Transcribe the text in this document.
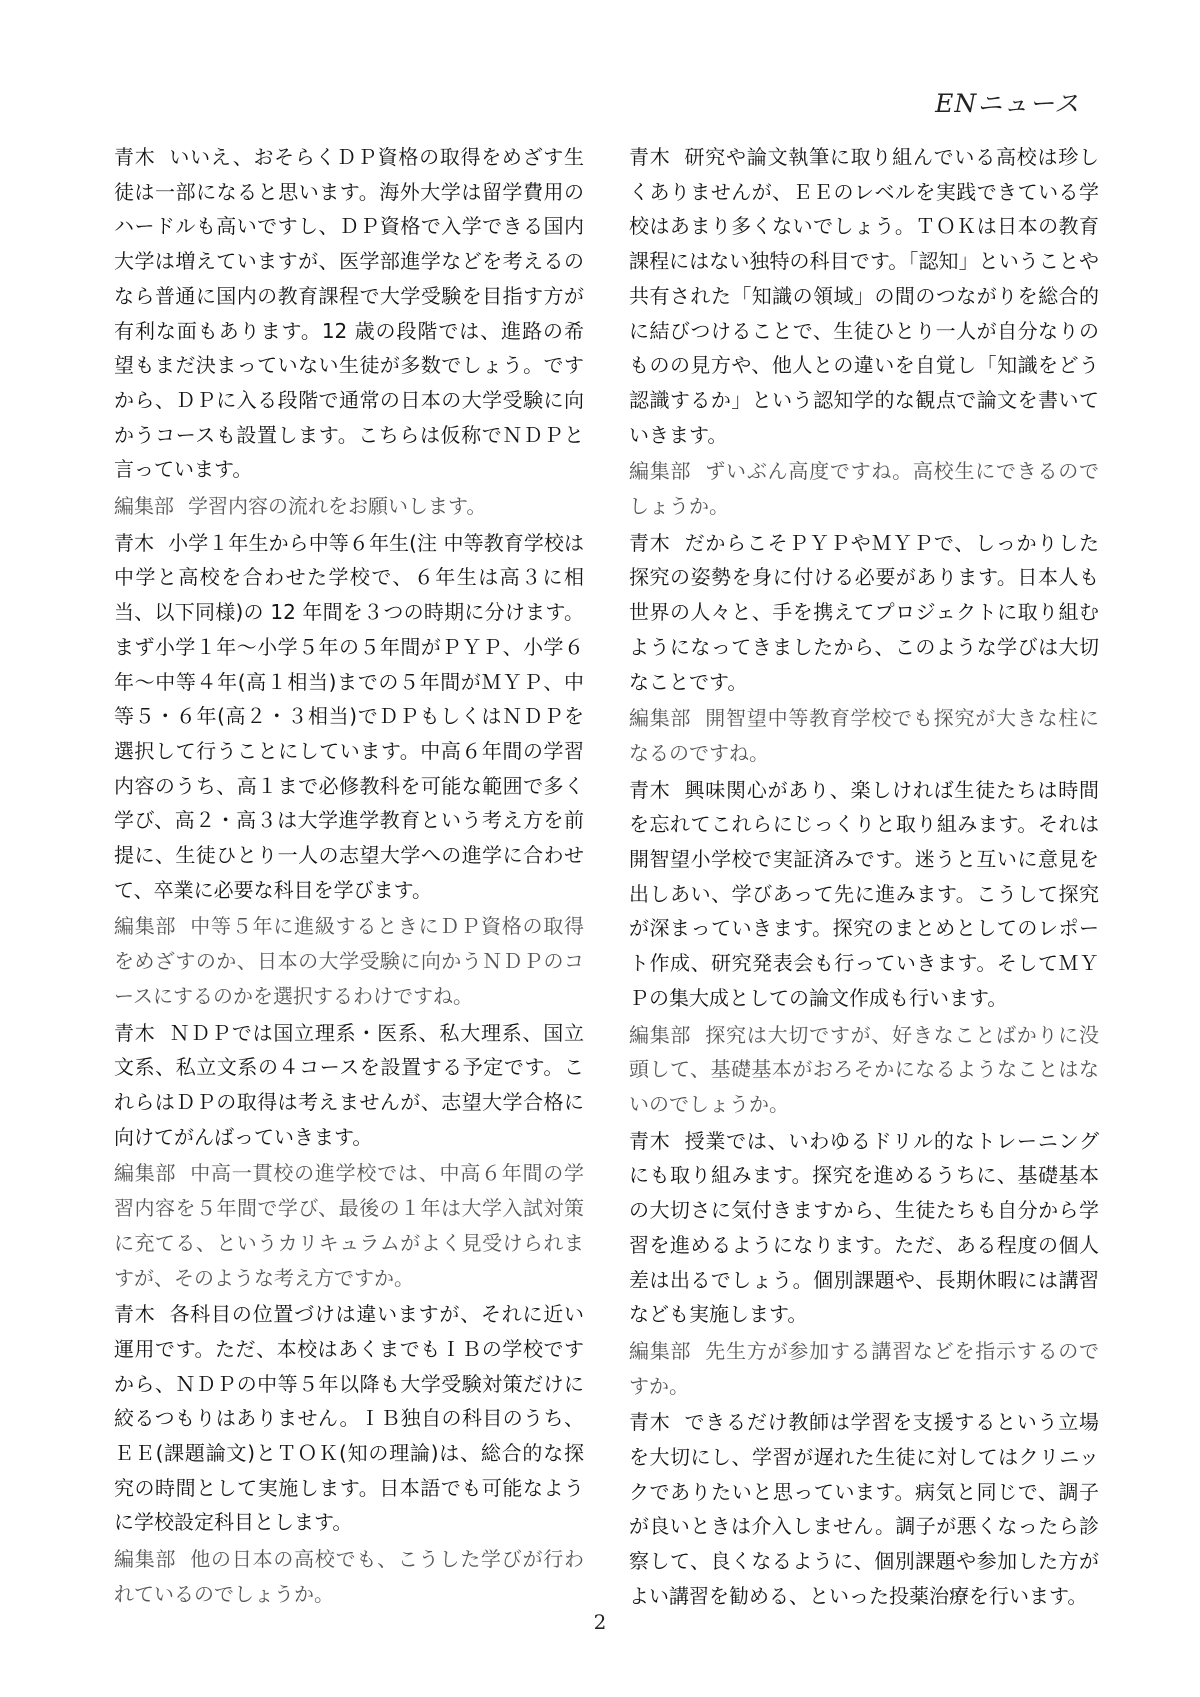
ENニュース

青木 いいえ、おそらくＤＰ資格の取得をめざす生徒は一部になると思います。海外大学は留学費用のハードルも高いですし、ＤＰ資格で入学できる国内大学は増えていますが、医学部進学などを考えるのなら普通に国内の教育課程で大学受験を目指す方が有利な面もあります。12 歳の段階では、進路の希望もまだ決まっていない生徒が多数でしょう。ですから、ＤＰに入る段階で通常の日本の大学受験に向かうコースも設置します。こちらは仮称でＮＤＰと言っています。

編集部 学習内容の流れをお願いします。

青木 小学１年生から中等６年生(注 中等教育学校は中学と高校を合わせた学校で、６年生は高３に相当、以下同様)の 12 年間を３つの時期に分けます。まず小学１年～小学５年の５年間がＰＹＰ、小学６年～中等４年(高１相当)までの５年間がＭＹＰ、中等５・６年(高２・３相当)でＤＰもしくはＮＤＰを選択して行うことにしています。中高６年間の学習内容のうち、高１まで必修教科を可能な範囲で多く学び、高２・高３は大学進学教育という考え方を前提に、生徒ひとり一人の志望大学への進学に合わせて、卒業に必要な科目を学びます。

編集部 中等５年に進級するときにＤＰ資格の取得をめざすのか、日本の大学受験に向かうＮＤＰのコースにするのかを選択するわけですね。

青木 ＮＤＰでは国立理系・医系、私大理系、国立文系、私立文系の４コースを設置する予定です。これらはＤＰの取得は考えませんが、志望大学合格に向けてがんばっていきます。

編集部 中高一貫校の進学校では、中高６年間の学習内容を５年間で学び、最後の１年は大学入試対策に充てる、というカリキュラムがよく見受けられますが、そのような考え方ですか。

青木 各科目の位置づけは違いますが、それに近い運用です。ただ、本校はあくまでもＩＢの学校ですから、ＮＤＰの中等５年以降も大学受験対策だけに絞るつもりはありません。ＩＢ独自の科目のうち、ＥＥ(課題論文)とＴＯＫ(知の理論)は、総合的な探究の時間として実施します。日本語でも可能なように学校設定科目とします。

編集部 他の日本の高校でも、こうした学びが行われているのでしょうか。

青木 研究や論文執筆に取り組んでいる高校は珍しくありませんが、ＥＥのレベルを実践できている学校はあまり多くないでしょう。ＴＯＫは日本の教育課程にはない独特の科目です。「認知」ということや共有された「知識の領域」の間のつながりを総合的に結びつけることで、生徒ひとり一人が自分なりのものの見方や、他人との違いを自覚し「知識をどう認識するか」という認知学的な観点で論文を書いていきます。

編集部 ずいぶん高度ですね。高校生にできるのでしょうか。

青木 だからこそＰＹＰやＭＹＰで、しっかりした探究の姿勢を身に付ける必要があります。日本人も世界の人々と、手を携えてプロジェクトに取り組むようになってきましたから、このような学びは大切なことです。

編集部 開智望中等教育学校でも探究が大きな柱になるのですね。

青木 興味関心があり、楽しければ生徒たちは時間を忘れてこれらにじっくりと取り組みます。それは開智望小学校で実証済みです。迷うと互いに意見を出しあい、学びあって先に進みます。こうして探究が深まっていきます。探究のまとめとしてのレポート作成、研究発表会も行っていきます。そしてＭＹＰの集大成としての論文作成も行います。

編集部 探究は大切ですが、好きなことばかりに没頭して、基礎基本がおろそかになるようなことはないのでしょうか。

青木 授業では、いわゆるドリル的なトレーニングにも取り組みます。探究を進めるうちに、基礎基本の大切さに気付きますから、生徒たちも自分から学習を進めるようになります。ただ、ある程度の個人差は出るでしょう。個別課題や、長期休暇には講習なども実施します。

編集部 先生方が参加する講習などを指示するのですか。

青木 できるだけ教師は学習を支援するという立場を大切にし、学習が遅れた生徒に対してはクリニックでありたいと思っています。病気と同じで、調子が良いときは介入しません。調子が悪くなったら診察して、良くなるように、個別課題や参加した方がよい講習を勧める、といった投薬治療を行います。

2
